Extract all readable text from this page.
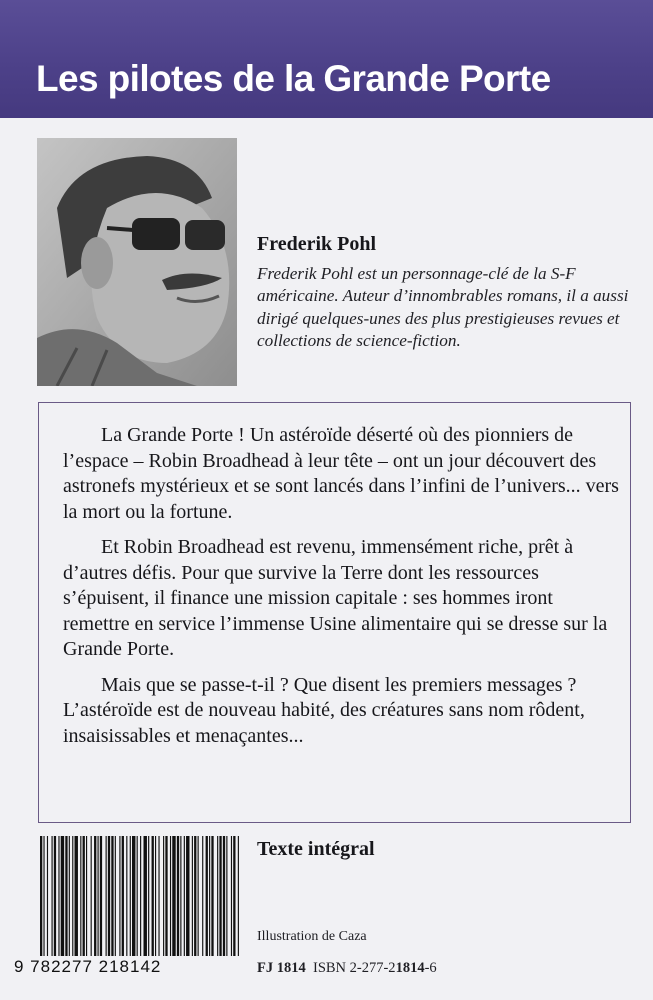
Les pilotes de la Grande Porte
Frederik Pohl
Frederik Pohl est un personnage-clé de la S-F américaine. Auteur d’innombrables romans, il a aussi dirigé quelques-unes des plus prestigieuses revues et collections de science-fiction.

La Grande Porte ! Un astéroïde déserté où des pionniers de l’espace – Robin Broadhead à leur tête – ont un jour découvert des astronefs mystérieux et se sont lancés dans l’infini de l’univers... vers la mort ou la fortune.

Et Robin Broadhead est revenu, immensément riche, prêt à d’autres défis. Pour que survive la Terre dont les ressources s’épuisent, il finance une mission capitale : ses hommes iront remettre en service l’immense Usine alimentaire qui se dresse sur la Grande Porte.

Mais que se passe-t-il ? Que disent les premiers messages ? L’astéroïde est de nouveau habité, des créatures sans nom rôdent, insaisissables et menaçantes...

Texte intégral
9 782277 218142
Illustration de Caza
FJ 1814 ISBN 2-277-21814-6
